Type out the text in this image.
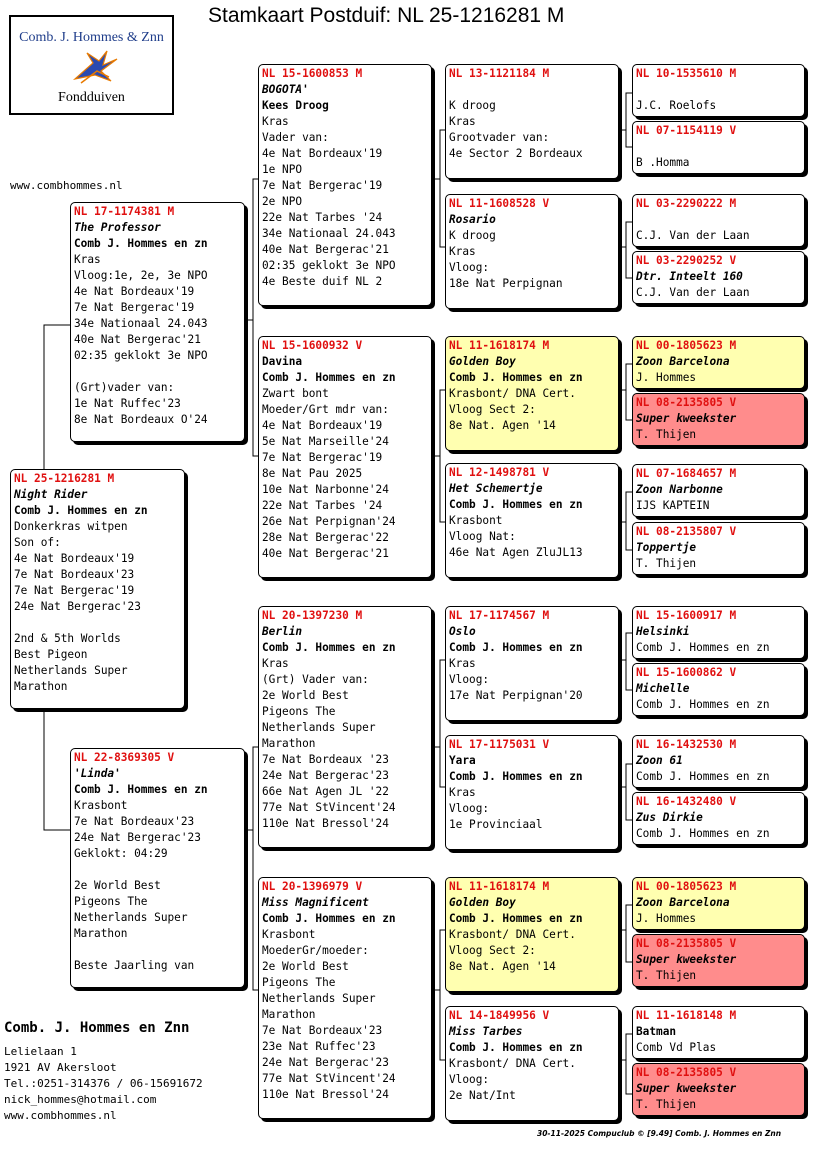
Stamkaart Postduif: NL 25-1216281 M
Comb. J. Hommes & Znn
Fondduiven
www.combhommes.nl
NL 25-1216281 M
Night Rider
Comb J. Hommes en zn
Donkerkras witpen
Son of:
4e Nat Bordeaux'19
7e Nat Bordeaux'23
7e Nat Bergerac'19
24e Nat Bergerac'23
2nd & 5th Worlds
Best Pigeon
Netherlands Super
Marathon
NL 17-1174381 M
The Professor
Comb J. Hommes en zn
Kras
Vloog:1e, 2e, 3e NPO
4e Nat Bordeaux'19
7e Nat Bergerac'19
34e Nationaal 24.043
40e Nat Bergerac'21
02:35 geklokt 3e NPO
(Grt)vader van:
1e Nat Ruffec'23
8e Nat Bordeaux O'24
NL 22-8369305 V
'Linda'
Comb J. Hommes en zn
Krasbont
7e Nat Bordeaux'23
24e Nat Bergerac'23
Geklokt: 04:29
2e World Best
Pigeons The
Netherlands Super
Marathon
Beste Jaarling van
NL 15-1600853 M
BOGOTA'
Kees Droog
Kras
Vader van:
4e Nat Bordeaux'19
1e NPO
7e Nat Bergerac'19
2e NPO
22e Nat Tarbes '24
34e Nationaal 24.043
40e Nat Bergerac'21
02:35 geklokt 3e NPO
4e Beste duif NL 2
NL 15-1600932 V
Davina
Comb J. Hommes en zn
Zwart bont
Moeder/Grt mdr van:
4e Nat Bordeaux'19
5e Nat Marseille'24
7e Nat Bergerac'19
8e Nat Pau 2025
10e Nat Narbonne'24
22e Nat Tarbes '24
26e Nat Perpignan'24
28e Nat Bergerac'22
40e Nat Bergerac'21
NL 20-1397230 M
Berlin
Comb J. Hommes en zn
Kras
(Grt) Vader van:
2e World Best
Pigeons The
Netherlands Super
Marathon
7e Nat Bordeaux '23
24e Nat Bergerac'23
66e Nat Agen JL '22
77e Nat StVincent'24
110e Nat Bressol'24
NL 20-1396979 V
Miss Magnificent
Comb J. Hommes en zn
Krasbont
MoederGr/moeder:
2e World Best
Pigeons The
Netherlands Super
Marathon
7e Nat Bordeaux'23
23e Nat Ruffec'23
24e Nat Bergerac'23
77e Nat StVincent'24
110e Nat Bressol'24
NL 13-1121184 M
K droog
Kras
Grootvader van:
4e Sector 2 Bordeaux
NL 11-1608528 V
Rosario
K droog
Kras
Vloog:
18e Nat Perpignan
NL 11-1618174 M
Golden Boy
Comb J. Hommes en zn
Krasbont/ DNA Cert.
Vloog Sect 2:
8e Nat. Agen '14
NL 12-1498781 V
Het Schemertje
Comb J. Hommes en zn
Krasbont
Vloog Nat:
46e Nat Agen ZluJL13
NL 17-1174567 M
Oslo
Comb J. Hommes en zn
Kras
Vloog:
17e Nat Perpignan'20
NL 17-1175031 V
Yara
Comb J. Hommes en zn
Kras
Vloog:
1e Provinciaal
NL 11-1618174 M
Golden Boy
Comb J. Hommes en zn
Krasbont/ DNA Cert.
Vloog Sect 2:
8e Nat. Agen '14
NL 14-1849956 V
Miss Tarbes
Comb J. Hommes en zn
Krasbont/ DNA Cert.
Vloog:
2e Nat/Int
NL 10-1535610 M
J.C. Roelofs
NL 07-1154119 V
B .Homma
NL 03-2290222 M
C.J. Van der Laan
NL 03-2290252 V
Dtr. Inteelt 160
C.J. Van der Laan
NL 00-1805623 M
Zoon Barcelona
J. Hommes
NL 08-2135805 V
Super kweekster
T. Thijen
NL 07-1684657 M
Zoon Narbonne
IJS KAPTEIN
NL 08-2135807 V
Toppertje
T. Thijen
NL 15-1600917 M
Helsinki
Comb J. Hommes en zn
NL 15-1600862 V
Michelle
Comb J. Hommes en zn
NL 16-1432530 M
Zoon 61
Comb J. Hommes en zn
NL 16-1432480 V
Zus Dirkie
Comb J. Hommes en zn
NL 00-1805623 M
Zoon Barcelona
J. Hommes
NL 08-2135805 V
Super kweekster
T. Thijen
NL 11-1618148 M
Batman
Comb Vd Plas
NL 08-2135805 V
Super kweekster
T. Thijen
Comb. J. Hommes en Znn
Lelielaan 1
1921 AV Akersloot
Tel.:0251-314376 / 06-15691672
nick_hommes@hotmail.com
www.combhommes.nl
30-11-2025 Compuclub © [9.49] Comb. J. Hommes en Znn
